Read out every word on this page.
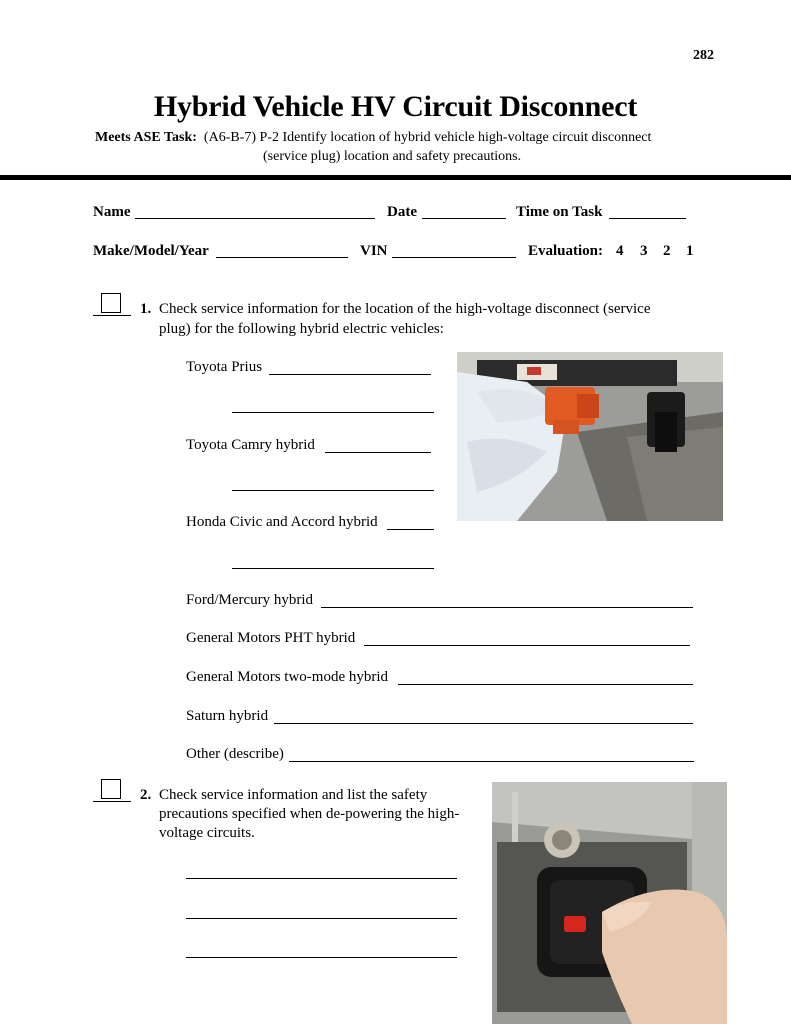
282
Hybrid Vehicle HV Circuit Disconnect
Meets ASE Task: (A6-B-7) P-2 Identify location of hybrid vehicle high-voltage circuit disconnect
(service plug) location and safety precautions.
Name	Date	Time on Task
Make/Model/Year	VIN	Evaluation: 4 3 2 1
1. Check service information for the location of the high-voltage disconnect (service
plug) for the following hybrid electric vehicles:
Toyota Prius
Toyota Camry hybrid
Honda Civic and Accord hybrid
Ford/Mercury hybrid
General Motors PHT hybrid
General Motors two-mode hybrid
Saturn hybrid
Other (describe)
2. Check service information and list the safety
precautions specified when de-powering the high-
voltage circuits.
